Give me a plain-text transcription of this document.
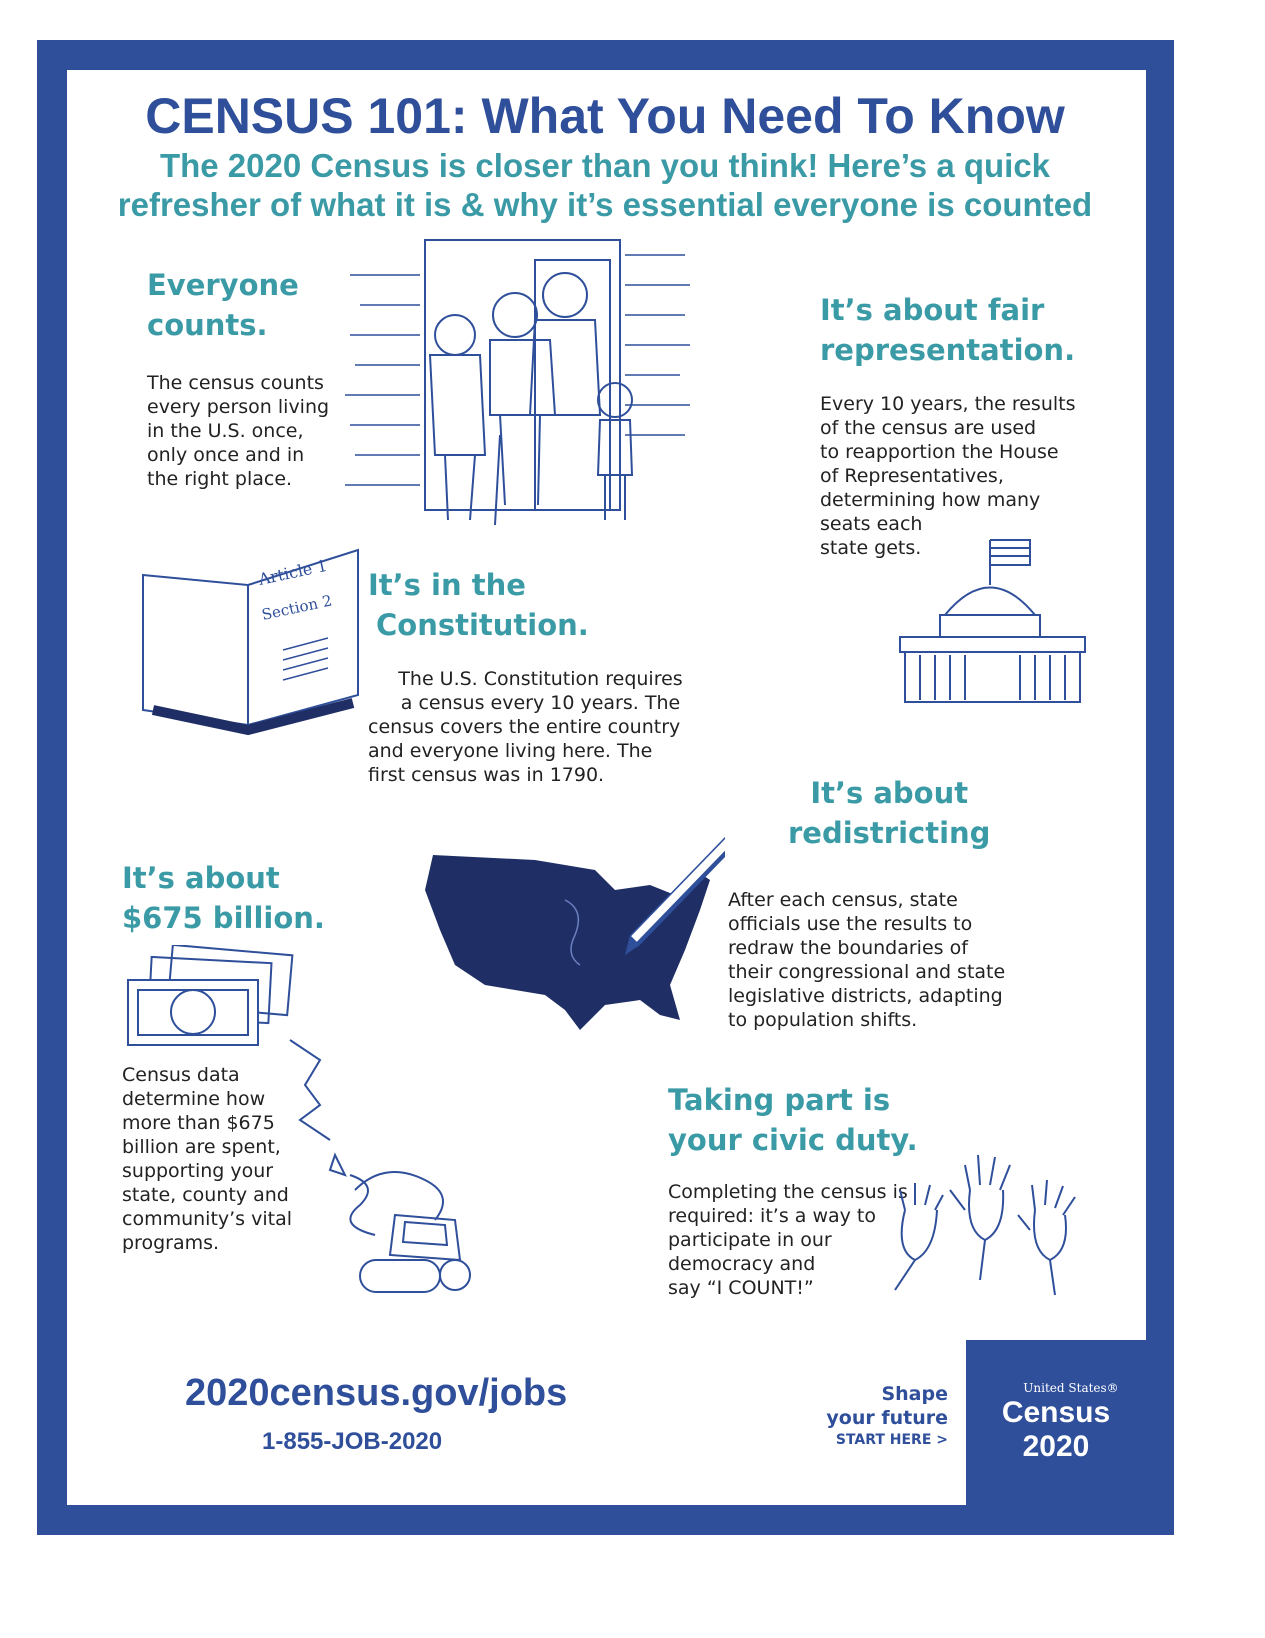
CENSUS 101: What You Need To Know
The 2020 Census is closer than you think! Here’s a quick
refresher of what it is & why it’s essential everyone is counted
Everyone
counts.
The census counts
every person living
in the U.S. once,
only once and in
the right place.
It’s about fair
representation.
Every 10 years, the results
of the census are used
to reapportion the House
of Representatives,
determining how many
seats each
state gets.
Article 1
Section 2
It’s in the
Constitution.
The U.S. Constitution requires
a census every 10 years. The
census covers the entire country
and everyone living here. The
first census was in 1790.
It’s about
redistricting
After each census, state
officials use the results to
redraw the boundaries of
their congressional and state
legislative districts, adapting
to population shifts.
It’s about
$675 billion.
Census data
determine how
more than $675
billion are spent,
supporting your
state, county and
community’s vital
programs.
Taking part is
your civic duty.
Completing the census is
required: it’s a way to
participate in our
democracy and
say “I COUNT!”
2020census.gov/jobs
1-855-JOB-2020
Shape
your future
START HERE >
United States®
Census
2020
